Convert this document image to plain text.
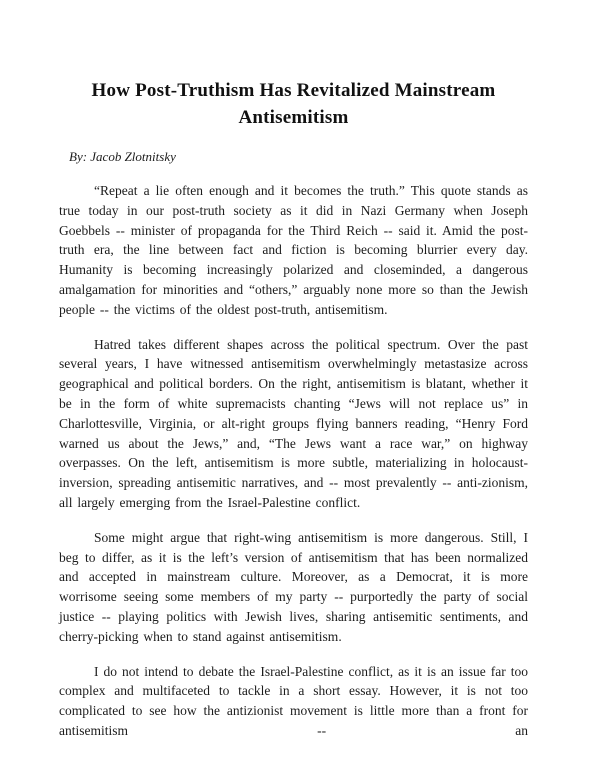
How Post-Truthism Has Revitalized Mainstream Antisemitism

By: Jacob Zlotnitsky

“Repeat a lie often enough and it becomes the truth.” This quote stands as true today in our post-truth society as it did in Nazi Germany when Joseph Goebbels -- minister of propaganda for the Third Reich -- said it. Amid the post-truth era, the line between fact and fiction is becoming blurrier every day. Humanity is becoming increasingly polarized and closeminded, a dangerous amalgamation for minorities and “others,” arguably none more so than the Jewish people -- the victims of the oldest post-truth, antisemitism.

Hatred takes different shapes across the political spectrum. Over the past several years, I have witnessed antisemitism overwhelmingly metastasize across geographical and political borders. On the right, antisemitism is blatant, whether it be in the form of white supremacists chanting “Jews will not replace us” in Charlottesville, Virginia, or alt-right groups flying banners reading, “Henry Ford warned us about the Jews,” and, “The Jews want a race war,” on highway overpasses. On the left, antisemitism is more subtle, materializing in holocaust-inversion, spreading antisemitic narratives, and -- most prevalently -- anti-zionism, all largely emerging from the Israel-Palestine conflict.

Some might argue that right-wing antisemitism is more dangerous. Still, I beg to differ, as it is the left’s version of antisemitism that has been normalized and accepted in mainstream culture. Moreover, as a Democrat, it is more worrisome seeing some members of my party -- purportedly the party of social justice -- playing politics with Jewish lives, sharing antisemitic sentiments, and cherry-picking when to stand against antisemitism.

I do not intend to debate the Israel-Palestine conflict, as it is an issue far too complex and multifaceted to tackle in a short essay. However, it is not too complicated to see how the antizionist movement is little more than a front for antisemitism -- an
